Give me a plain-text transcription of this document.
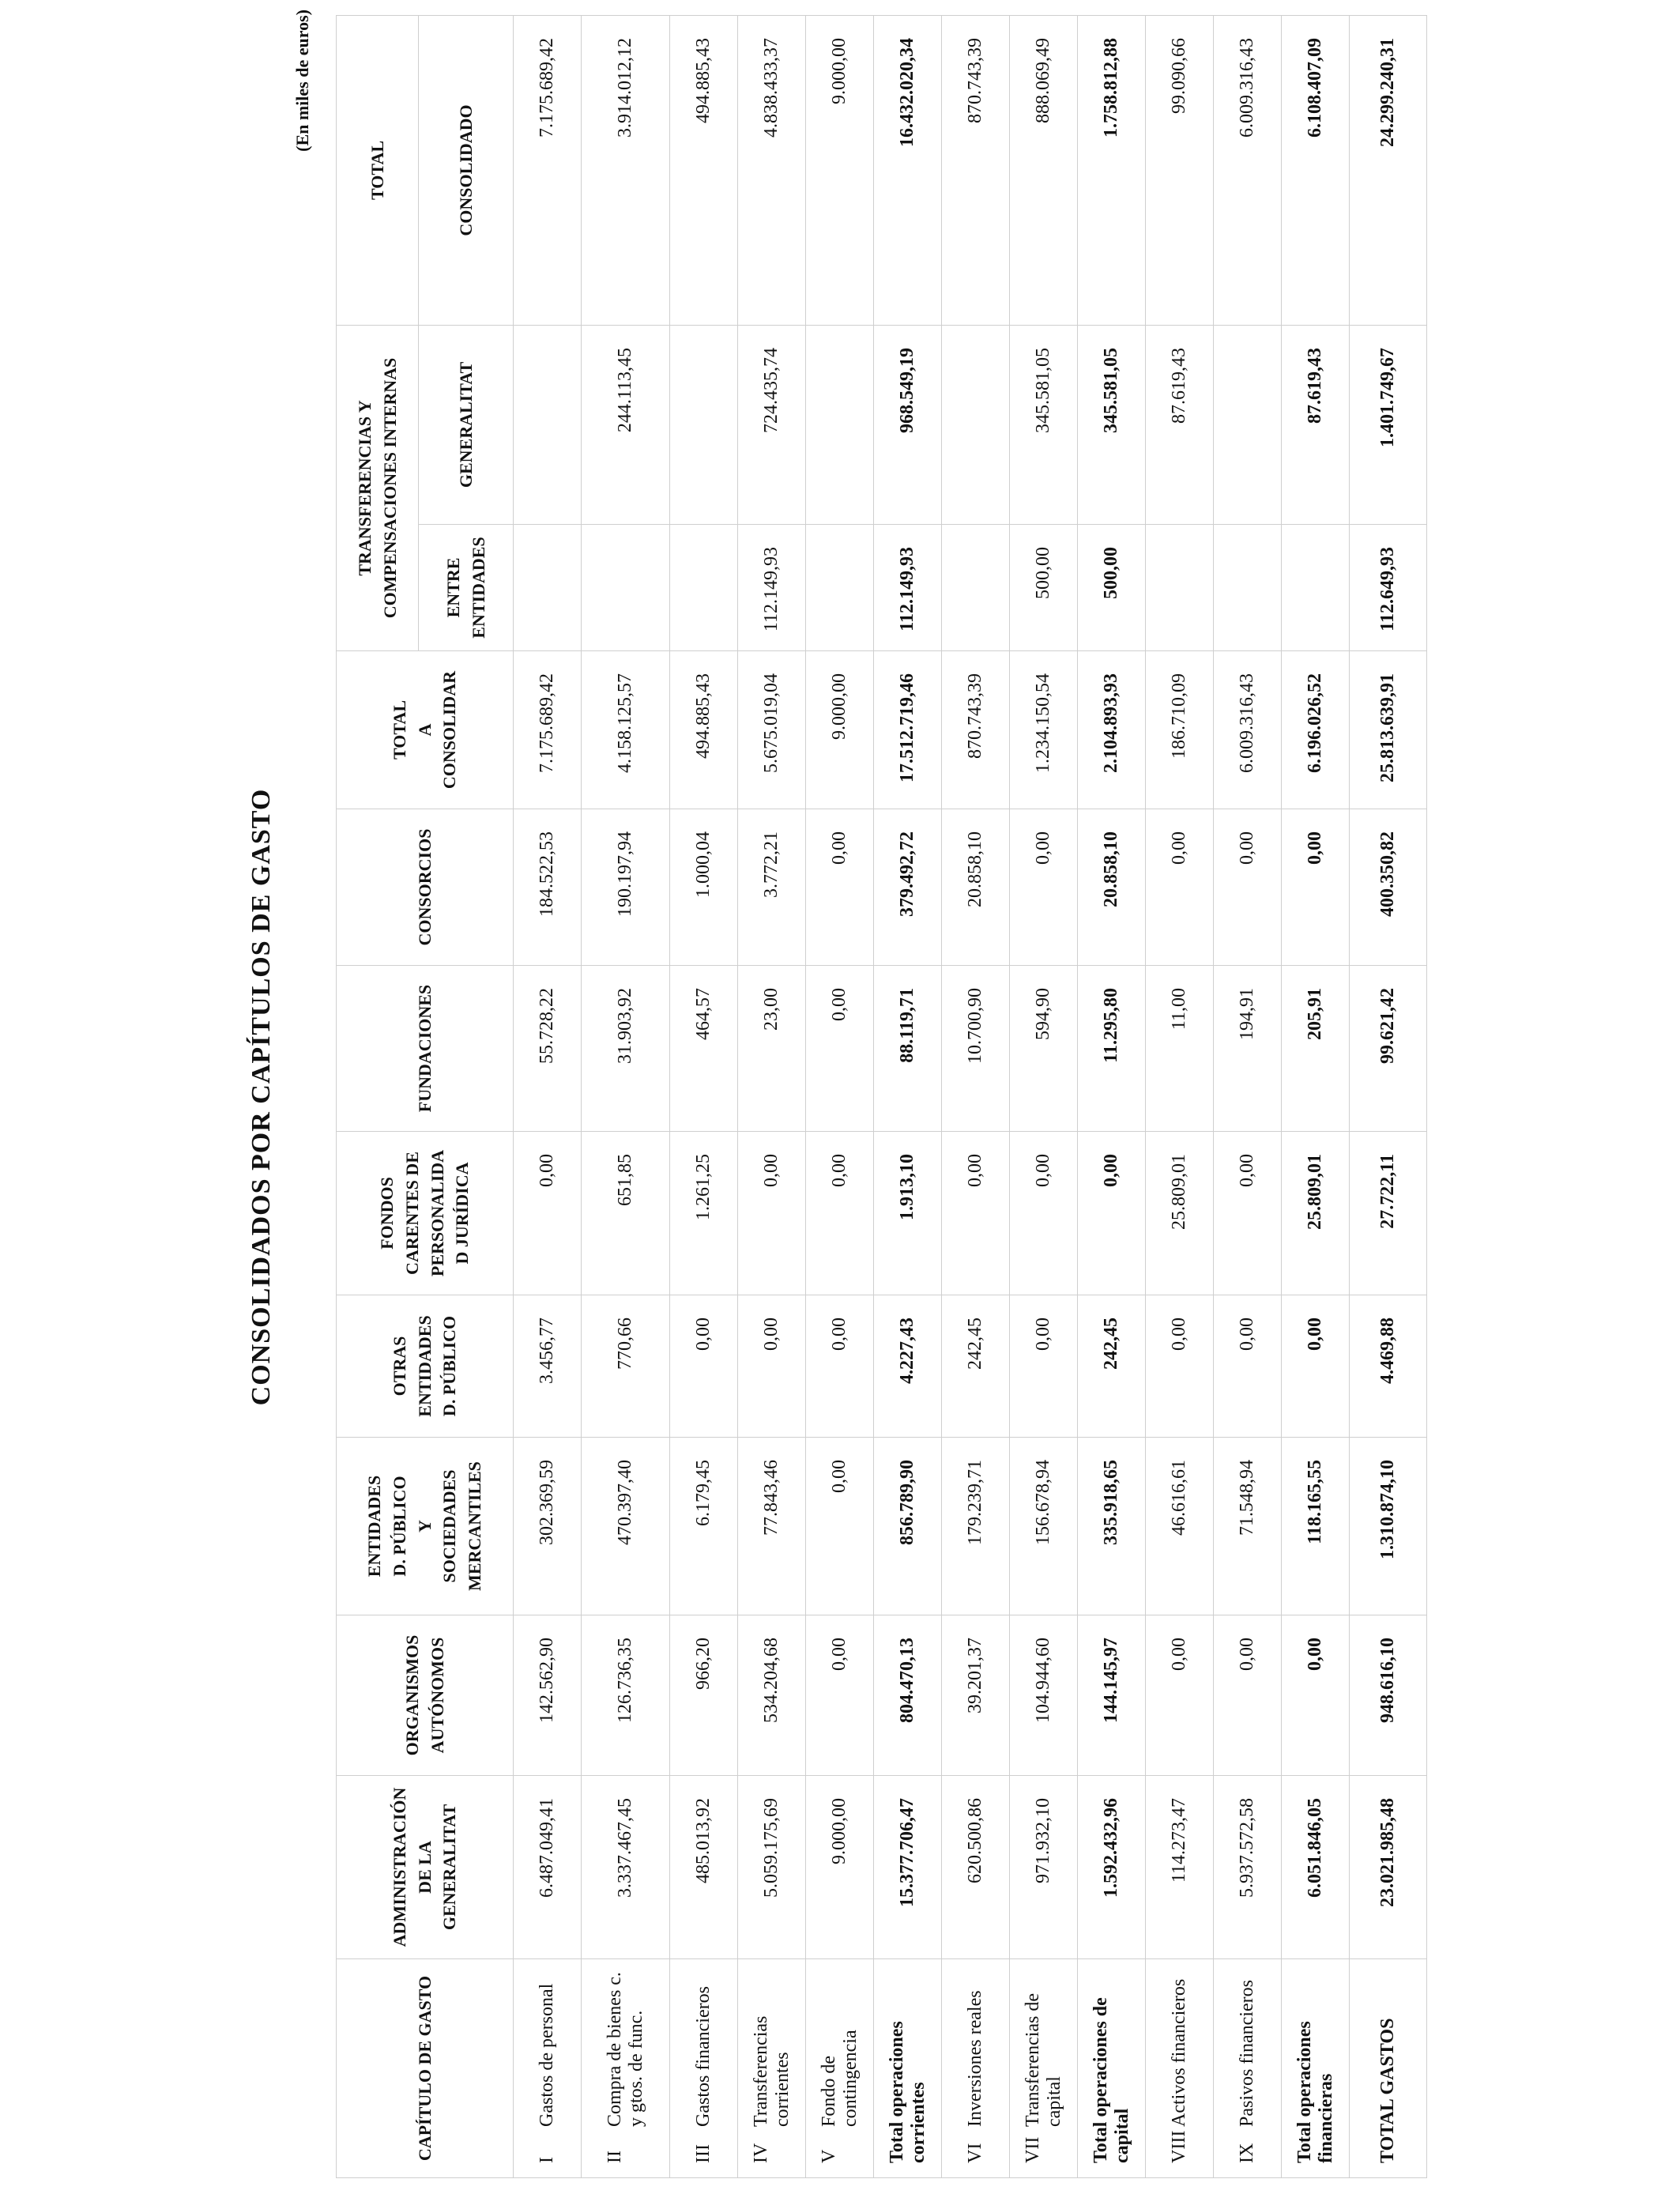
CONSOLIDADOS POR CAPÍTULOS DE GASTO
(En miles de euros)
CAPÍTULO DE GASTO	ADMINISTRACIÓN DE LA GENERALITAT	ORGANISMOS AUTÓNOMOS	ENTIDADES D. PÚBLICO Y SOCIEDADES MERCANTILES	OTRAS ENTIDADES D. PÚBLICO	FONDOS CARENTES DE PERSONALIDA D JURÍDICA	FUNDACIONES	CONSORCIOS	TOTAL A CONSOLIDAR	TRANSFERENCIAS Y COMPENSACIONES INTERNAS		TOTAL

									ENTRE ENTIDADES	GENERALITAT	CONSOLIDADO
IGastos de personal	6.487.049,41	142.562,90	302.369,59	3.456,77	0,00	55.728,22	184.522,53	7.175.689,42			7.175.689,42
IICompra de bienes c. y gtos. de func.	3.337.467,45	126.736,35	470.397,40	770,66	651,85	31.903,92	190.197,94	4.158.125,57		244.113,45	3.914.012,12
IIIGastos financieros	485.013,92	966,20	6.179,45	0,00	1.261,25	464,57	1.000,04	494.885,43			494.885,43
IVTransferencias corrientes	5.059.175,69	534.204,68	77.843,46	0,00	0,00	23,00	3.772,21	5.675.019,04	112.149,93	724.435,74	4.838.433,37
VFondo de contingencia	9.000,00	0,00	0,00	0,00	0,00	0,00	0,00	9.000,00			9.000,00
Total operaciones corrientes	15.377.706,47	804.470,13	856.789,90	4.227,43	1.913,10	88.119,71	379.492,72	17.512.719,46	112.149,93	968.549,19	16.432.020,34
VIInversiones reales	620.500,86	39.201,37	179.239,71	242,45	0,00	10.700,90	20.858,10	870.743,39			870.743,39
VIITransferencias de capital	971.932,10	104.944,60	156.678,94	0,00	0,00	594,90	0,00	1.234.150,54	500,00	345.581,05	888.069,49
Total operaciones de capital	1.592.432,96	144.145,97	335.918,65	242,45	0,00	11.295,80	20.858,10	2.104.893,93	500,00	345.581,05	1.758.812,88
VIIIActivos financieros	114.273,47	0,00	46.616,61	0,00	25.809,01	11,00	0,00	186.710,09		87.619,43	99.090,66
IXPasivos financieros	5.937.572,58	0,00	71.548,94	0,00	0,00	194,91	0,00	6.009.316,43			6.009.316,43
Total operaciones financieras	6.051.846,05	0,00	118.165,55	0,00	25.809,01	205,91	0,00	6.196.026,52		87.619,43	6.108.407,09
TOTAL GASTOS	23.021.985,48	948.616,10	1.310.874,10	4.469,88	27.722,11	99.621,42	400.350,82	25.813.639,91	112.649,93	1.401.749,67	24.299.240,31
